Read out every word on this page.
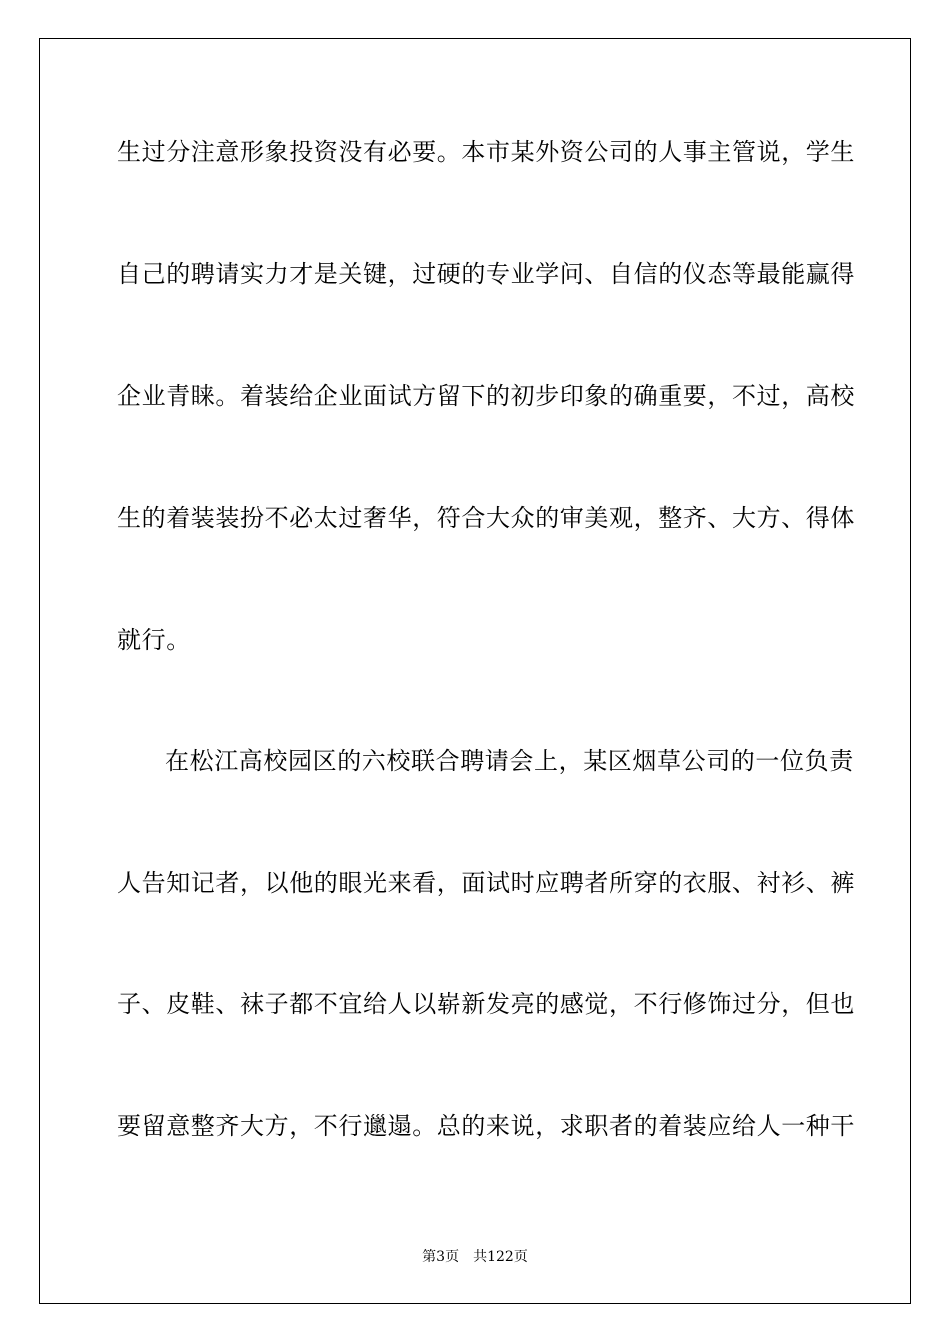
生过分注意形象投资没有必要。本市某外资公司的人事主管说，学生
自己的聘请实力才是关键，过硬的专业学问、自信的仪态等最能赢得
企业青睐。着装给企业面试方留下的初步印象的确重要，不过，高校
生的着装装扮不必太过奢华，符合大众的审美观，整齐、大方、得体
就行。
在松江高校园区的六校联合聘请会上，某区烟草公司的一位负责
人告知记者，以他的眼光来看，面试时应聘者所穿的衣服、衬衫、裤
子、皮鞋、袜子都不宜给人以崭新发亮的感觉，不行修饰过分，但也
要留意整齐大方，不行邋遢。总的来说，求职者的着装应给人一种干
第3页 共122页
